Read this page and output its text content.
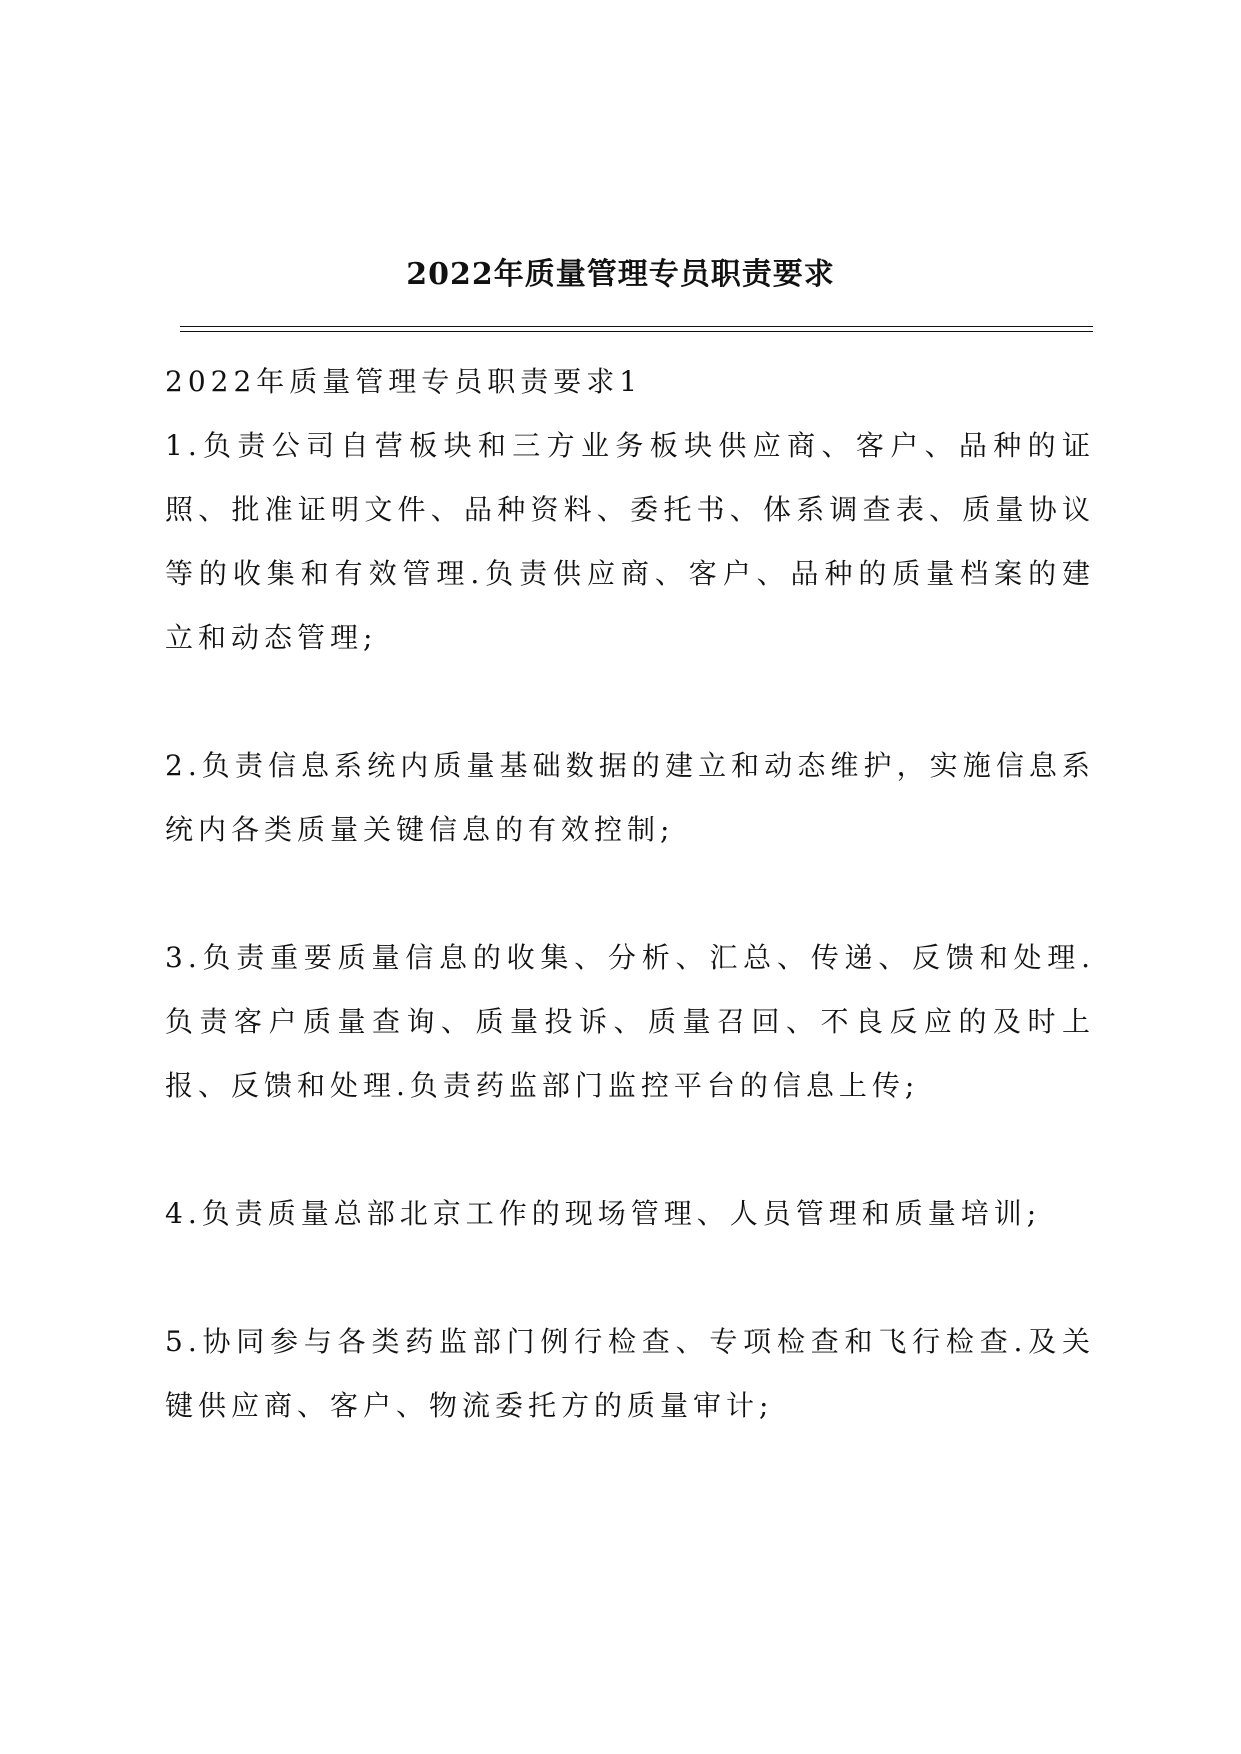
2022年质量管理专员职责要求

2022年质量管理专员职责要求1

1.负责公司自营板块和三方业务板块供应商、客户、品种的证照、批准证明文件、品种资料、委托书、体系调查表、质量协议等的收集和有效管理.负责供应商、客户、品种的质量档案的建立和动态管理;

2.负责信息系统内质量基础数据的建立和动态维护，实施信息系统内各类质量关键信息的有效控制;

3.负责重要质量信息的收集、分析、汇总、传递、反馈和处理.负责客户质量查询、质量投诉、质量召回、不良反应的及时上报、反馈和处理.负责药监部门监控平台的信息上传;

4.负责质量总部北京工作的现场管理、人员管理和质量培训;

5.协同参与各类药监部门例行检查、专项检查和飞行检查.及关键供应商、客户、物流委托方的质量审计;
